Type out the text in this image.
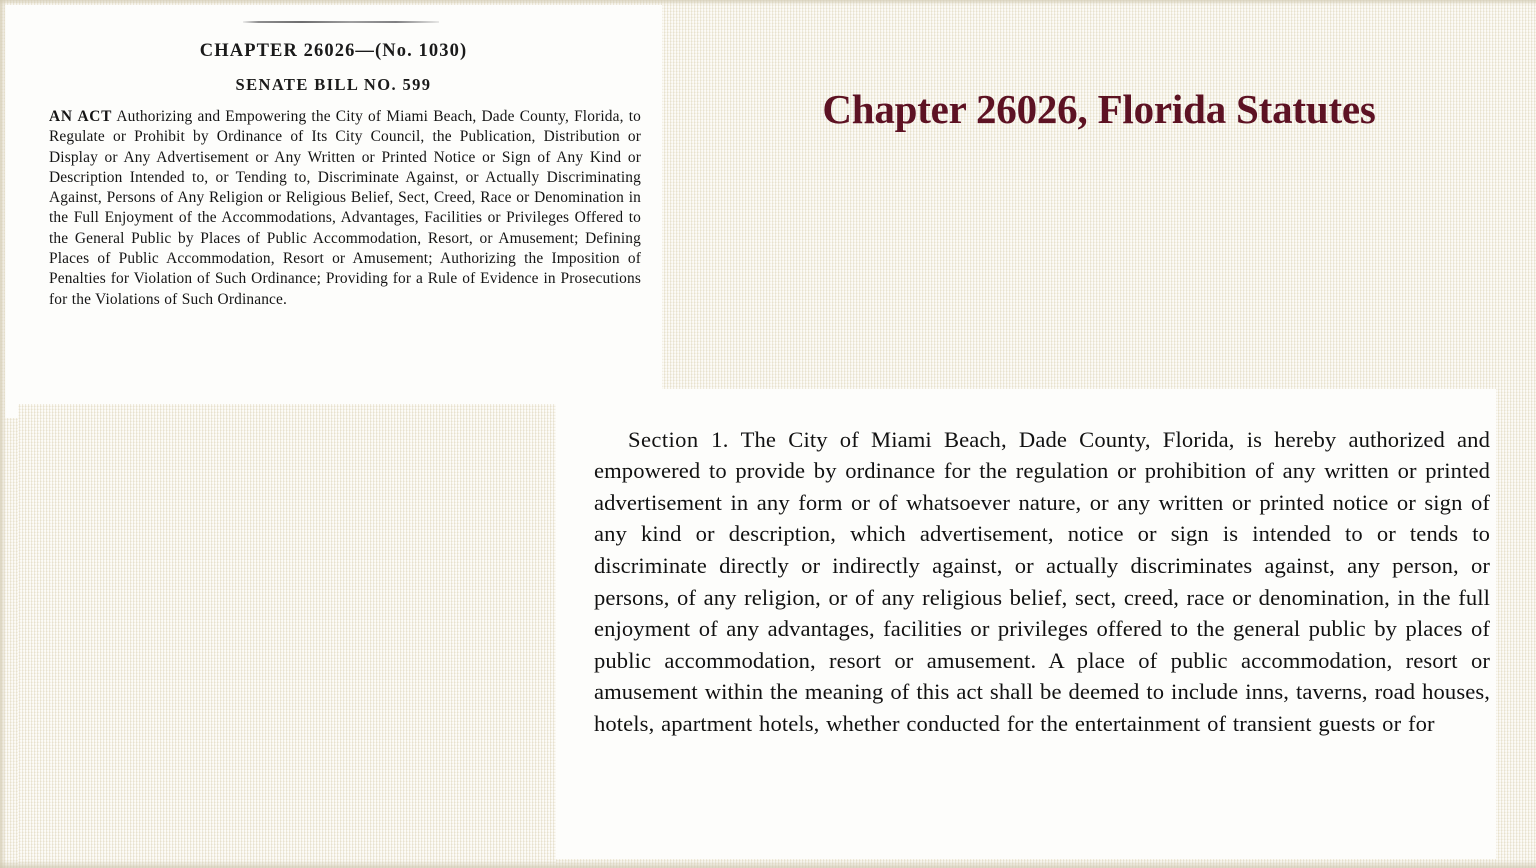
CHAPTER 26026—(No. 1030)
SENATE BILL NO. 599
AN ACT Authorizing and Empowering the City of Miami Beach, Dade County, Florida, to Regulate or Prohibit by Ordinance of Its City Council, the Publication, Distribution or Display or Any Advertisement or Any Written or Printed Notice or Sign of Any Kind or Description Intended to, or Tending to, Discriminate Against, or Actually Discriminating Against, Persons of Any Religion or Religious Belief, Sect, Creed, Race or Denomination in the Full Enjoyment of the Accommodations, Advantages, Facilities or Privileges Offered to the General Public by Places of Public Accommodation, Resort, or Amusement; Defining Places of Public Accommodation, Resort or Amusement; Authorizing the Imposition of Penalties for Violation of Such Ordinance; Providing for a Rule of Evidence in Prosecutions for the Violations of Such Ordinance.
Chapter 26026, Florida Statutes

Section 1. The City of Miami Beach, Dade County, Florida, is hereby authorized and empowered to provide by ordinance for the regulation or prohibition of any written or printed advertisement in any form or of whatsoever nature, or any written or printed notice or sign of any kind or description, which advertisement, notice or sign is intended to or tends to discriminate directly or indirectly against, or actually discriminates against, any person, or persons, of any religion, or of any religious belief, sect, creed, race or denomination, in the full enjoyment of any advantages, facilities or privileges offered to the general public by places of public accommodation, resort or amusement. A place of public accommodation, resort or amusement within the meaning of this act shall be deemed to include inns, taverns, road houses, hotels, apartment hotels, whether conducted for the entertainment of transient guests or for
